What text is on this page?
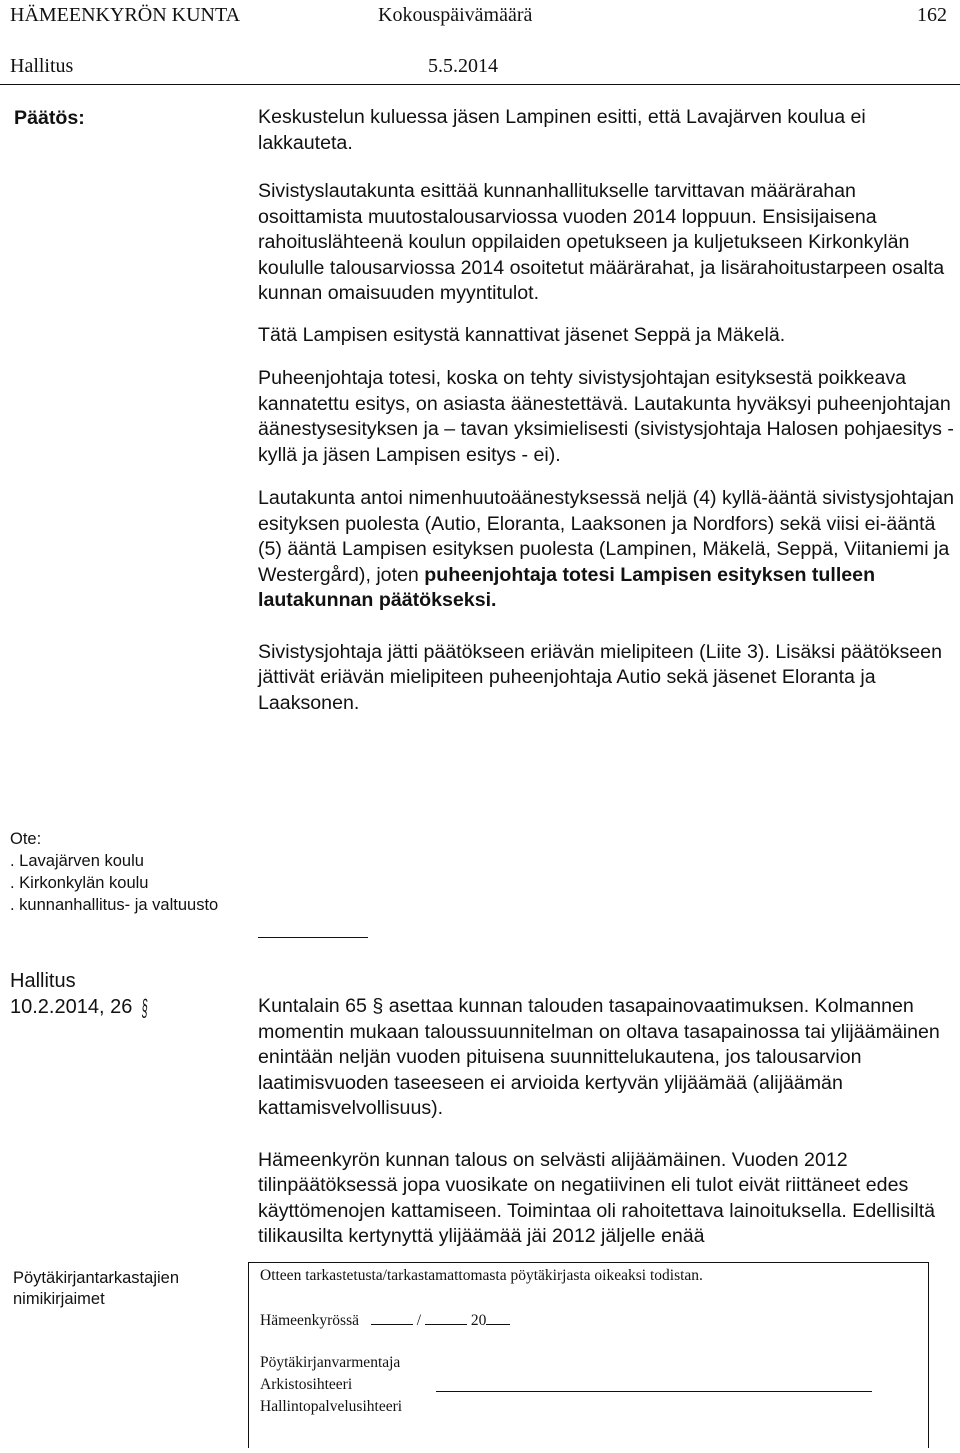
HÄMEENKYRÖN KUNTA	Kokouspäivämäärä	162
Hallitus	5.5.2014
Päätös:	Keskustelun kuluessa jäsen Lampinen esitti, että Lavajärven koulua ei lakkauteta.

Sivistyslautakunta esittää kunnanhallitukselle tarvittavan määrärahan osoittamista muutostalousarviossa vuoden 2014 loppuun. Ensisijaisena rahoituslähteenä koulun oppilaiden opetukseen ja kuljetukseen Kirkonkylän koululle talousarviossa 2014 osoitetut määrärahat, ja lisärahoitustarpeen osalta kunnan omaisuuden myyntitulot.

Tätä Lampisen esitystä kannattivat jäsenet Seppä ja Mäkelä.

Puheenjohtaja totesi, koska on tehty sivistysjohtajan esityksestä poikkeava kannatettu esitys, on asiasta äänestettävä. Lautakunta hyväksyi puheenjohtajan äänestysesityksen ja – tavan yksimielisesti (sivistysjohtaja Halosen pohjaesitys - kyllä ja jäsen Lampisen esitys - ei).

Lautakunta antoi nimenhuutoäänestyksessä neljä (4) kyllä-ääntä sivistysjohtajan esityksen puolesta (Autio, Eloranta, Laaksonen ja Nordfors) sekä viisi ei-ääntä (5) ääntä Lampisen esityksen puolesta (Lampinen, Mäkelä, Seppä, Viitaniemi ja Westergård), joten puheenjohtaja totesi Lampisen esityksen tulleen lautakunnan päätökseksi.

Sivistysjohtaja jätti päätökseen eriävän mielipiteen (Liite 3). Lisäksi päätökseen jättivät eriävän mielipiteen puheenjohtaja Autio sekä jäsenet Eloranta ja Laaksonen.

Ote:
. Lavajärven koulu
. Kirkonkylän koulu
. kunnanhallitus- ja valtuusto
Hallitus
10.2.2014, 26 §	Kuntalain 65 § asettaa kunnan talouden tasapainovaatimuksen. Kolmannen momentin mukaan taloussuunnitelman on oltava tasapainossa tai ylijäämäinen enintään neljän vuoden pituisena suunnittelukautena, jos talousarvion laatimisvuoden taseeseen ei arvioida kertyvän ylijäämää (alijäämän kattamisvelvollisuus).

Hämeenkyrön kunnan talous on selvästi alijäämäinen. Vuoden 2012 tilinpäätöksessä jopa vuosikate on negatiivinen eli tulot eivät riittäneet edes käyttömenojen kattamiseen. Toimintaa oli rahoitettava lainoituksella. Edellisiltä tilikausilta kertynyttä ylijäämää jäi 2012 jäljelle enää

Pöytäkirjantarkastajien
nimikirjaimet
Otteen tarkastetusta/tarkastamattomasta pöytäkirjasta oikeaksi todistan.
Hämeenkyrössä	/	20
Pöytäkirjanvarmentaja
Arkistosihteeri
Hallintopalvelusihteeri
